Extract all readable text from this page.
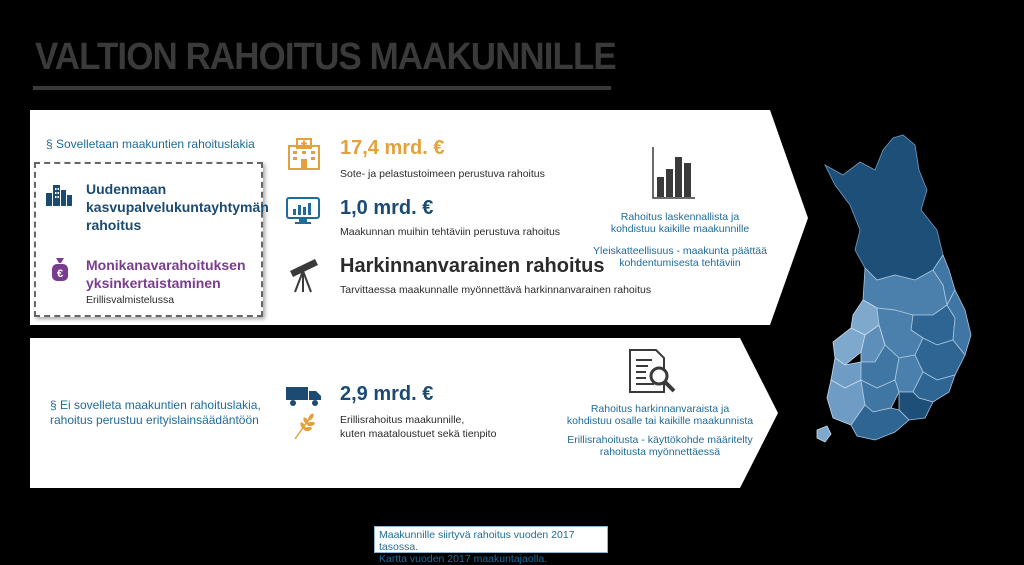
VALTION RAHOITUS MAAKUNNILLE
§ Sovelletaan maakuntien rahoituslakia
Uudenmaan
kasvupalvelukuntayhtymän
rahoitus
€
Monikanavarahoituksen
yksinkertaistaminen
Erillisvalmistelussa
17,4 mrd. €
Sote- ja pelastustoimeen perustuva rahoitus
1,0 mrd. €
Maakunnan muihin tehtäviin perustuva rahoitus
Harkinnanvarainen rahoitus
Tarvittaessa maakunnalle myönnettävä harkinnanvarainen rahoitus
Rahoitus laskennallista ja
kohdistuu kaikille maakunnille
Yleiskatteellisuus - maakunta päättää
kohdentumisesta tehtäviin
§ Ei sovelleta maakuntien rahoituslakia,
rahoitus perustuu erityislainsäädäntöön
2,9 mrd. €
Erillisrahoitus maakunnille,
kuten maataloustuet sekä tienpito
Rahoitus harkinnanvaraista ja
kohdistuu osalle tai kaikille maakunnista
Erillisrahoitusta - käyttökohde määritelty
rahoitusta myönnettäessä
Maakunnille siirtyvä rahoitus vuoden 2017 tasossa.
Kartta vuoden 2017 maakuntajaolla.
